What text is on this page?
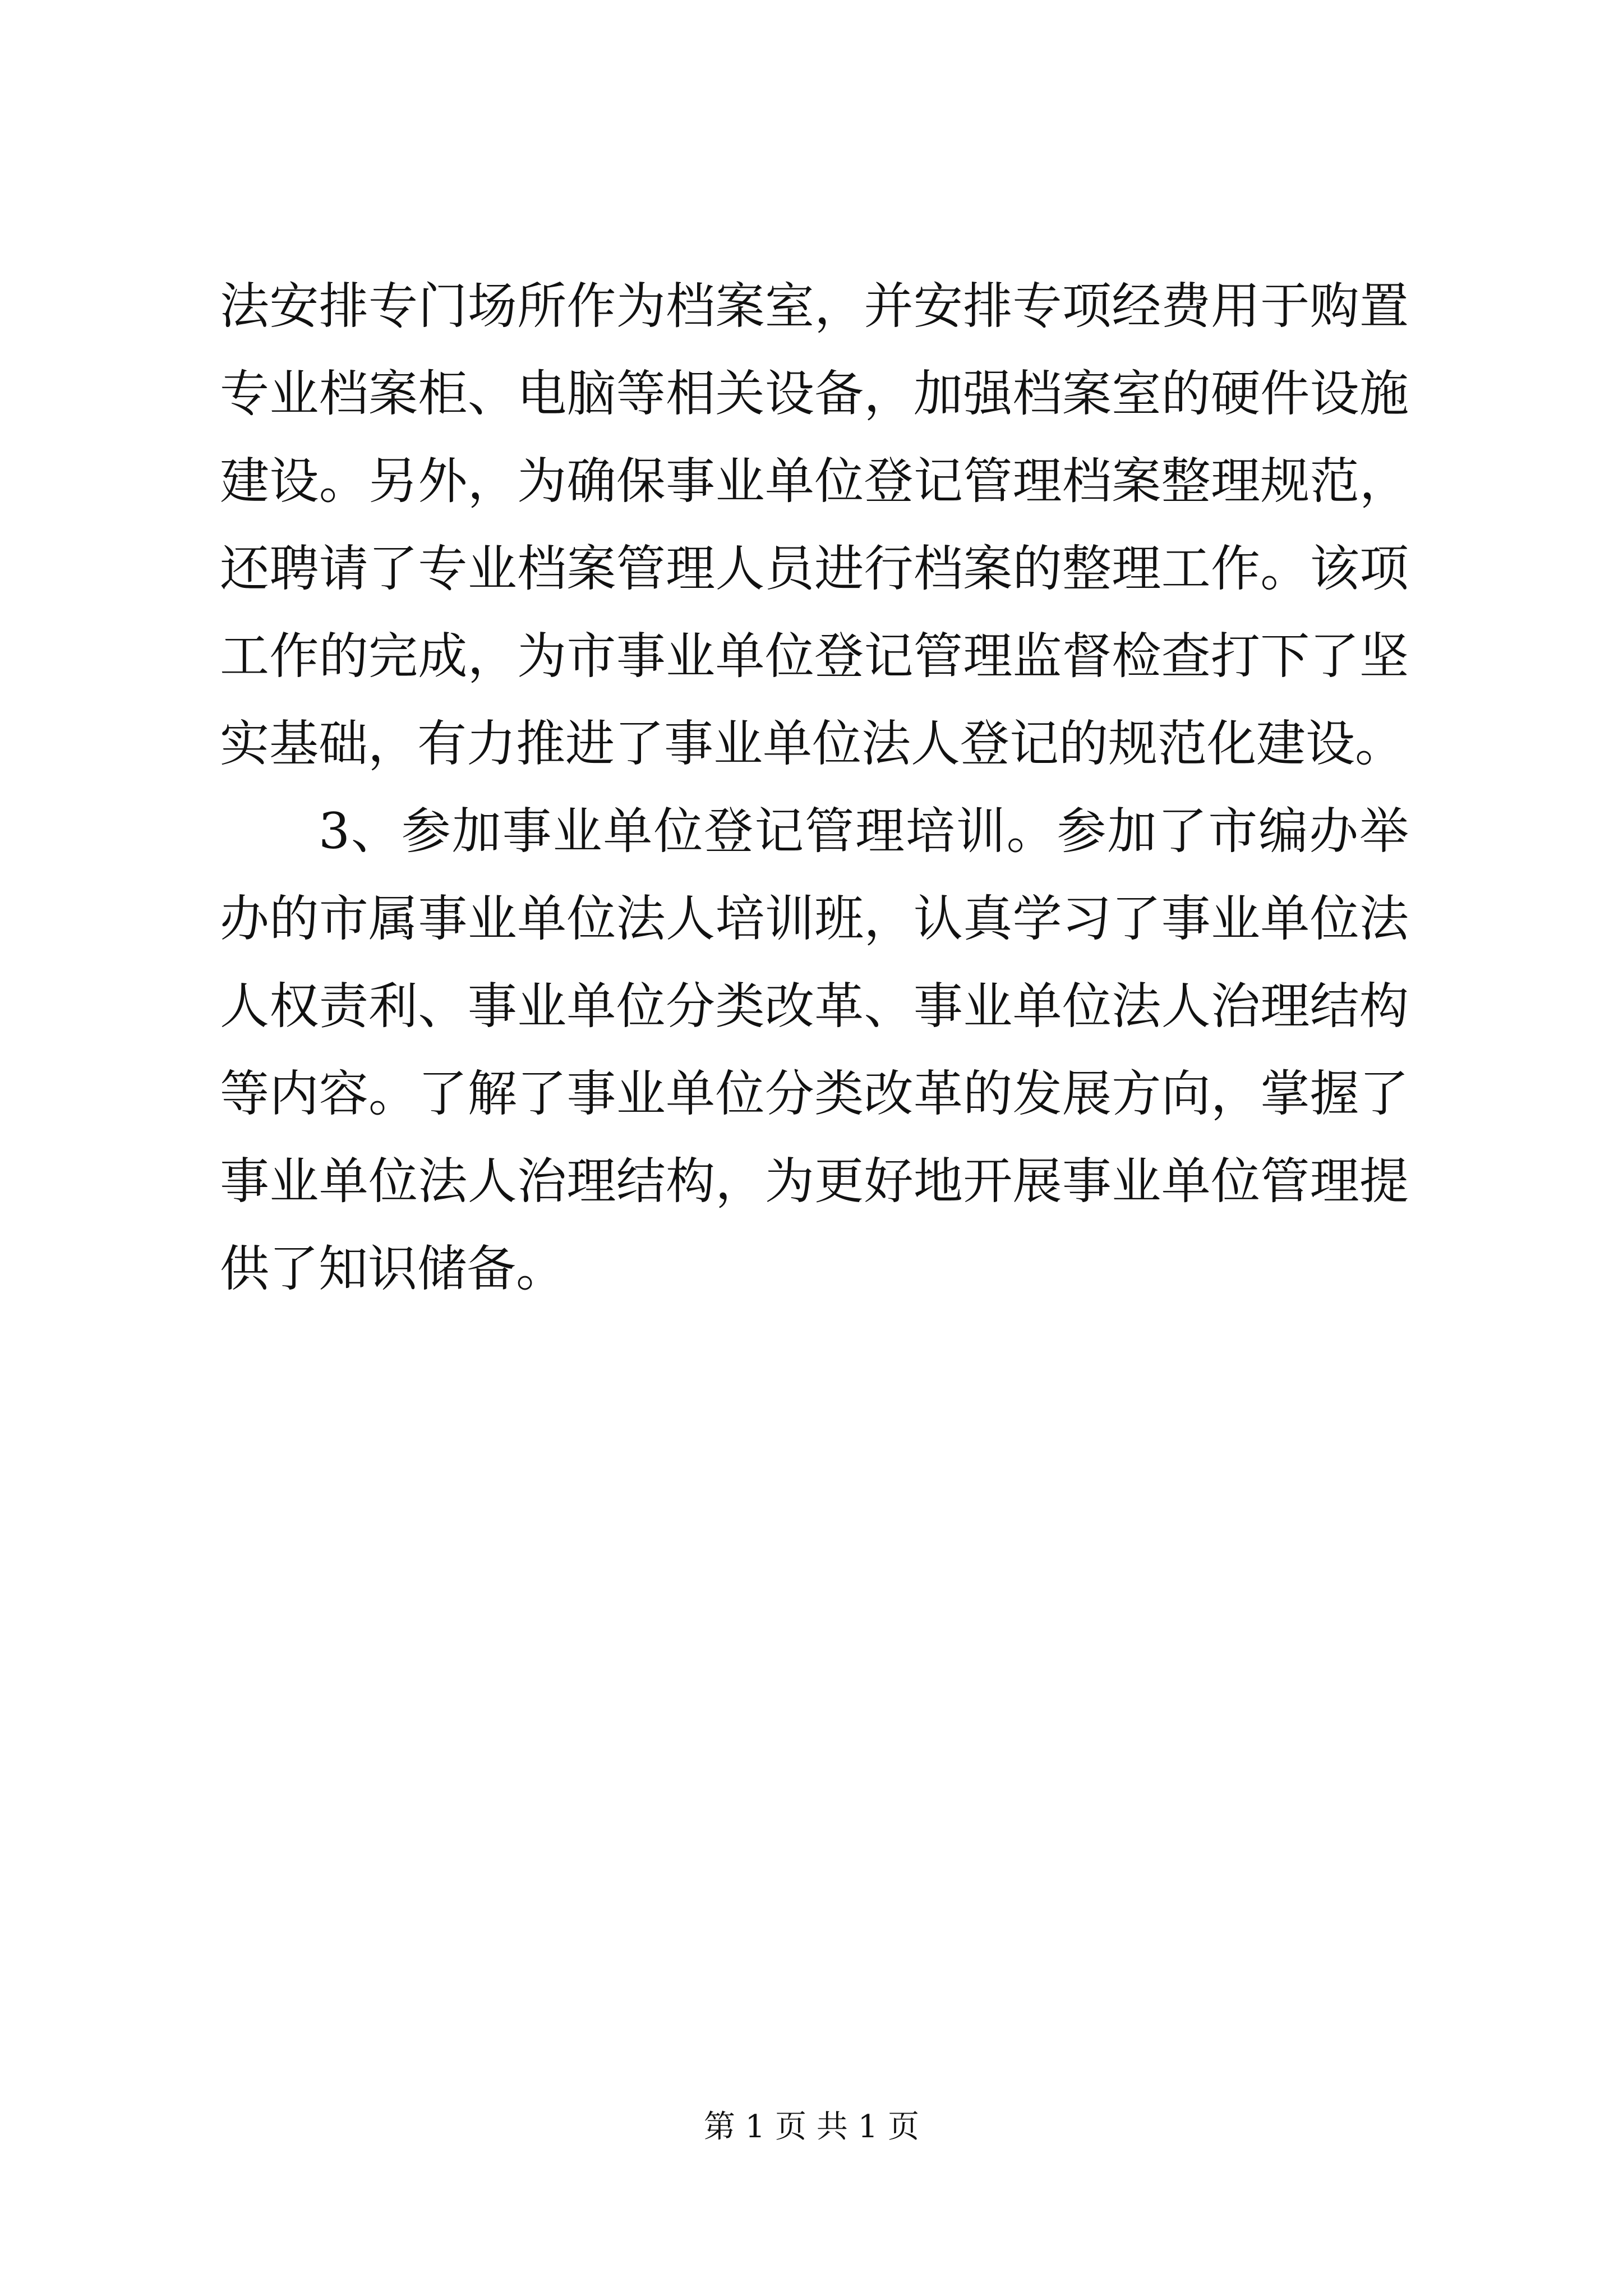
法安排专门场所作为档案室，并安排专项经费用于购置专业档案柜、电脑等相关设备，加强档案室的硬件设施建设。另外，为确保事业单位登记管理档案整理规范，还聘请了专业档案管理人员进行档案的整理工作。该项工作的完成，为市事业单位登记管理监督检查打下了坚实基础，有力推进了事业单位法人登记的规范化建设。

3、参加事业单位登记管理培训。参加了市编办举办的市属事业单位法人培训班，认真学习了事业单位法人权责利、事业单位分类改革、事业单位法人治理结构等内容。了解了事业单位分类改革的发展方向，掌握了事业单位法人治理结构，为更好地开展事业单位管理提供了知识储备。

第 1 页 共 1 页
